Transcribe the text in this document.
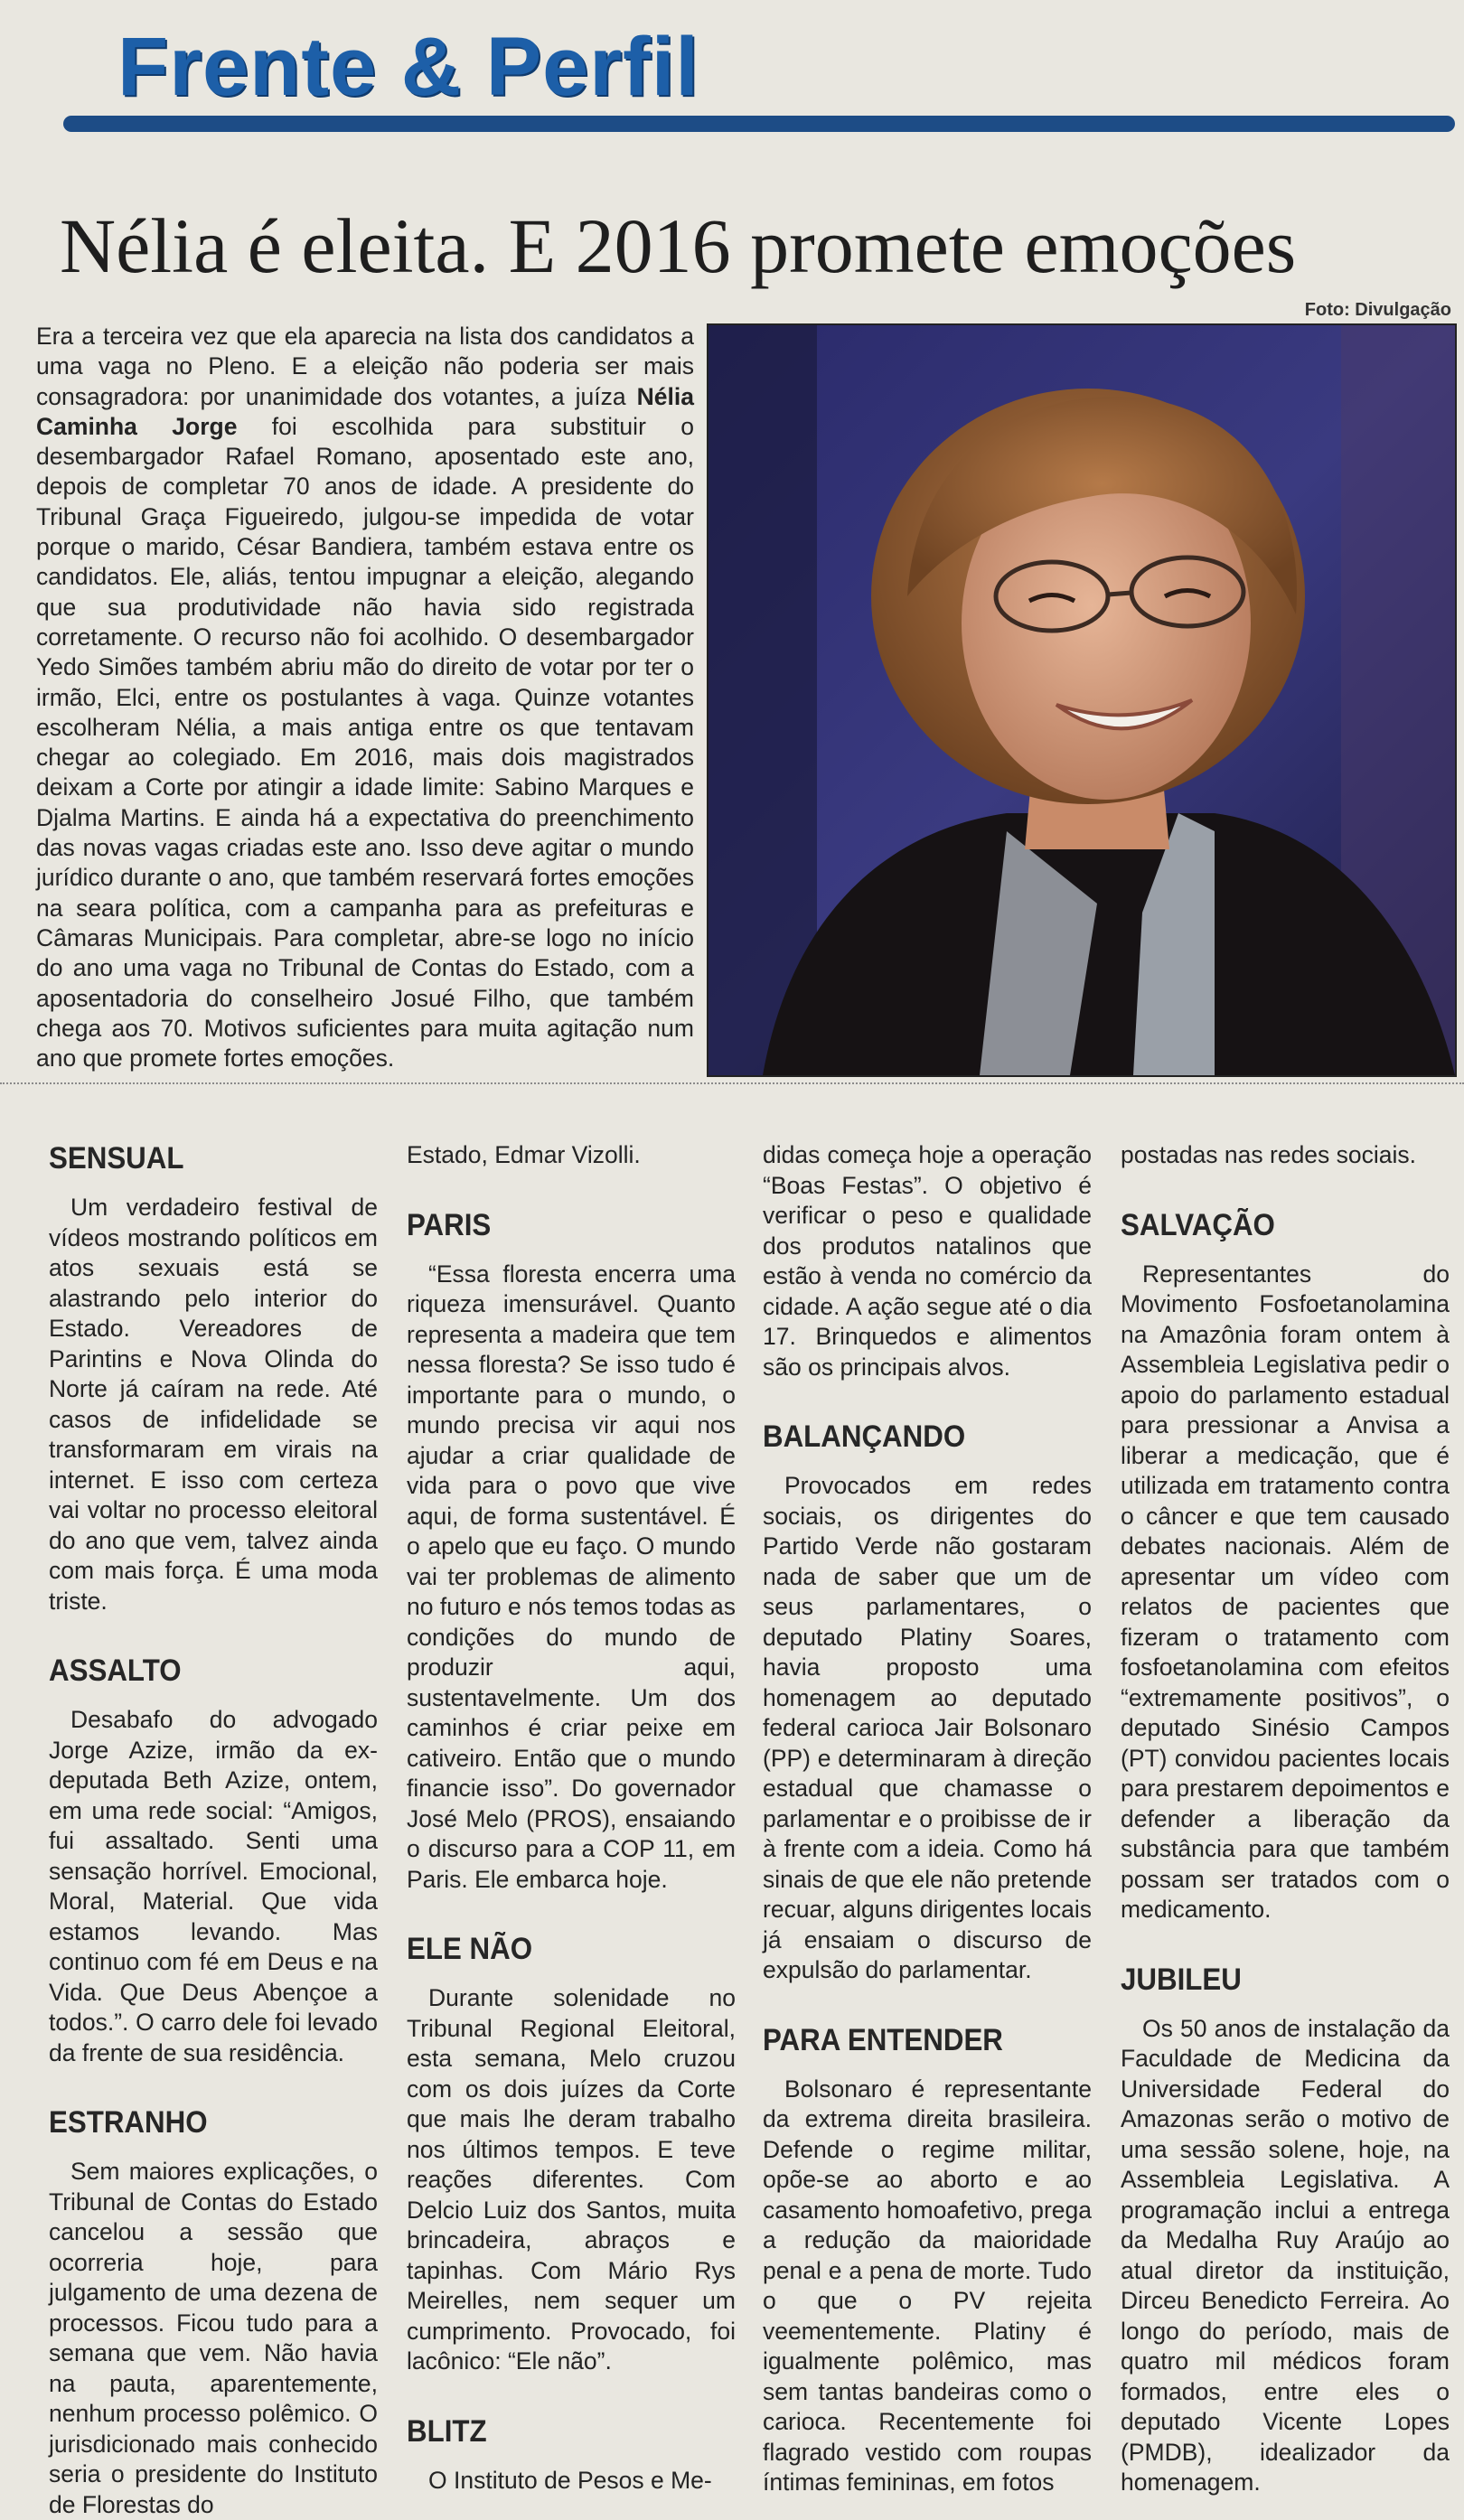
Frente & Perfil
Nélia é eleita. E 2016 promete emoções
Foto: Divulgação
Era a terceira vez que ela aparecia na lista dos candidatos a uma vaga no Pleno. E a eleição não poderia ser mais consagradora: por unanimidade dos votantes, a juíza Nélia Caminha Jorge foi escolhida para substituir o desembargador Rafael Romano, aposentado este ano, depois de completar 70 anos de idade. A presidente do Tribunal Graça Figueiredo, julgou-se impedida de votar porque o marido, César Bandiera, também estava entre os candidatos. Ele, aliás, tentou impugnar a eleição, alegando que sua produtividade não havia sido registrada corretamente. O recurso não foi acolhido. O desembargador Yedo Simões também abriu mão do direito de votar por ter o irmão, Elci, entre os postulantes à vaga. Quinze votantes escolheram Nélia, a mais antiga entre os que tentavam chegar ao colegiado. Em 2016, mais dois magistrados deixam a Corte por atingir a idade limite: Sabino Marques e Djalma Martins. E ainda há a expectativa do preenchimento das novas vagas criadas este ano. Isso deve agitar o mundo jurídico durante o ano, que também reservará fortes emoções na seara política, com a campanha para as prefeituras e Câmaras Municipais. Para completar, abre-se logo no início do ano uma vaga no Tribunal de Contas do Estado, com a aposentadoria do conselheiro Josué Filho, que também chega aos 70. Motivos suficientes para muita agitação num ano que promete fortes emoções.
SENSUAL

Um verdadeiro festival de vídeos mostrando políticos em atos sexuais está se alastrando pelo interior do Estado. Vereadores de Parintins e Nova Olinda do Norte já caíram na rede. Até casos de infidelidade se transformaram em virais na internet. E isso com certeza vai voltar no processo eleitoral do ano que vem, talvez ainda com mais força. É uma moda triste.

ASSALTO

Desabafo do advogado Jorge Azize, irmão da ex-deputada Beth Azize, ontem, em uma rede social: “Amigos, fui assaltado. Senti uma sensação horrível. Emocional, Moral, Material. Que vida estamos levando. Mas continuo com fé em Deus e na Vida. Que Deus Abençoe a todos.”. O carro dele foi levado da frente de sua residência.

ESTRANHO

Sem maiores explicações, o Tribunal de Contas do Estado cancelou a sessão que ocorreria hoje, para julgamento de uma dezena de processos. Ficou tudo para a semana que vem. Não havia na pauta, aparentemente, nenhum processo polêmico. O jurisdicionado mais conhecido seria o presidente do Instituto de Florestas do

Estado, Edmar Vizolli.

PARIS

“Essa floresta encerra uma riqueza imensurável. Quanto representa a madeira que tem nessa floresta? Se isso tudo é importante para o mundo, o mundo precisa vir aqui nos ajudar a criar qualidade de vida para o povo que vive aqui, de forma sustentável. É o apelo que eu faço. O mundo vai ter problemas de alimento no futuro e nós temos todas as condições do mundo de produzir aqui, sustentavelmente. Um dos caminhos é criar peixe em cativeiro. Então que o mundo financie isso”. Do governador José Melo (PROS), ensaiando o discurso para a COP 11, em Paris. Ele embarca hoje.

ELE NÃO

Durante solenidade no Tribunal Regional Eleitoral, esta semana, Melo cruzou com os dois juízes da Corte que mais lhe deram trabalho nos últimos tempos. E teve reações diferentes. Com Delcio Luiz dos Santos, muita brincadeira, abraços e tapinhas. Com Mário Rys Meirelles, nem sequer um cumprimento. Provocado, foi lacônico: “Ele não”.

BLITZ

O Instituto de Pesos e Me-

didas começa hoje a operação “Boas Festas”. O objetivo é verificar o peso e qualidade dos produtos natalinos que estão à venda no comércio da cidade. A ação segue até o dia 17. Brinquedos e alimentos são os principais alvos.

BALANÇANDO

Provocados em redes sociais, os dirigentes do Partido Verde não gostaram nada de saber que um de seus parlamentares, o deputado Platiny Soares, havia proposto uma homenagem ao deputado federal carioca Jair Bolsonaro (PP) e determinaram à direção estadual que chamasse o parlamentar e o proibisse de ir à frente com a ideia. Como há sinais de que ele não pretende recuar, alguns dirigentes locais já ensaiam o discurso de expulsão do parlamentar.

PARA ENTENDER

Bolsonaro é representante da extrema direita brasileira. Defende o regime militar, opõe-se ao aborto e ao casamento homoafetivo, prega a redução da maioridade penal e a pena de morte. Tudo o que o PV rejeita veementemente. Platiny é igualmente polêmico, mas sem tantas bandeiras como o carioca. Recentemente foi flagrado vestido com roupas íntimas femininas, em fotos

postadas nas redes sociais.

SALVAÇÃO

Representantes do Movimento Fosfoetanolamina na Amazônia foram ontem à Assembleia Legislativa pedir o apoio do parlamento estadual para pressionar a Anvisa a liberar a medicação, que é utilizada em tratamento contra o câncer e que tem causado debates nacionais. Além de apresentar um vídeo com relatos de pacientes que fizeram o tratamento com fosfoetanolamina com efeitos “extremamente positivos”, o deputado Sinésio Campos (PT) convidou pacientes locais para prestarem depoimentos e defender a liberação da substância para que também possam ser tratados com o medicamento.

JUBILEU

Os 50 anos de instalação da Faculdade de Medicina da Universidade Federal do Amazonas serão o motivo de uma sessão solene, hoje, na Assembleia Legislativa. A programação inclui a entrega da Medalha Ruy Araújo ao atual diretor da instituição, Dirceu Benedicto Ferreira. Ao longo do período, mais de quatro mil médicos foram formados, entre eles o deputado Vicente Lopes (PMDB), idealizador da homenagem.
